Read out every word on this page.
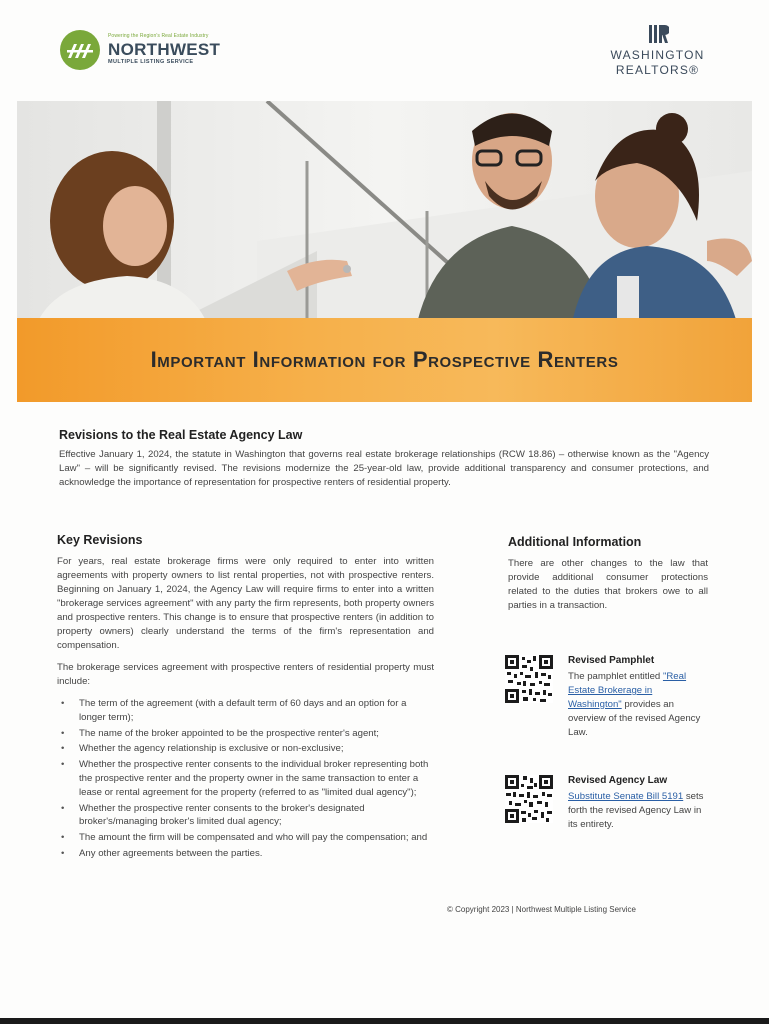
Powering the Region's Real Estate Industry
NORTHWEST
MULTIPLE LISTING SERVICE
WASHINGTON
REALTORS®
Important Information for Prospective Renters
Revisions to the Real Estate Agency Law

Effective January 1, 2024, the statute in Washington that governs real estate brokerage relationships (RCW 18.86) – otherwise known as the "Agency Law" – will be significantly revised. The revisions modernize the 25-year-old law, provide additional transparency and consumer protections, and acknowledge the importance of representation for prospective renters of residential property.

Key Revisions

For years, real estate brokerage firms were only required to enter into written agreements with property owners to list rental properties, not with prospective renters. Beginning on January 1, 2024, the Agency Law will require firms to enter into a written "brokerage services agreement" with any party the firm represents, both property owners and prospective renters. This change is to ensure that prospective renters (in addition to property owners) clearly understand the terms of the firm's representation and compensation.

The brokerage services agreement with prospective renters of residential property must include:

• The term of the agreement (with a default term of 60 days and an option for a longer term);
• The name of the broker appointed to be the prospective renter's agent;
• Whether the agency relationship is exclusive or non-exclusive;
• Whether the prospective renter consents to the individual broker representing both the prospective renter and the property owner in the same transaction to enter a lease or rental agreement for the property (referred to as "limited dual agency");
• Whether the prospective renter consents to the broker's designated broker's/managing broker's limited dual agency;
• The amount the firm will be compensated and who will pay the compensation; and
• Any other agreements between the parties.
Additional Information

There are other changes to the law that provide additional consumer protections related to the duties that brokers owe to all parties in a transaction.

Revised Pamphlet
The pamphlet entitled "Real Estate Brokerage in Washington" provides an overview of the revised Agency Law.
Revised Agency Law
Substitute Senate Bill 5191 sets forth the revised Agency Law in its entirety.
© Copyright 2023 | Northwest Multiple Listing Service
